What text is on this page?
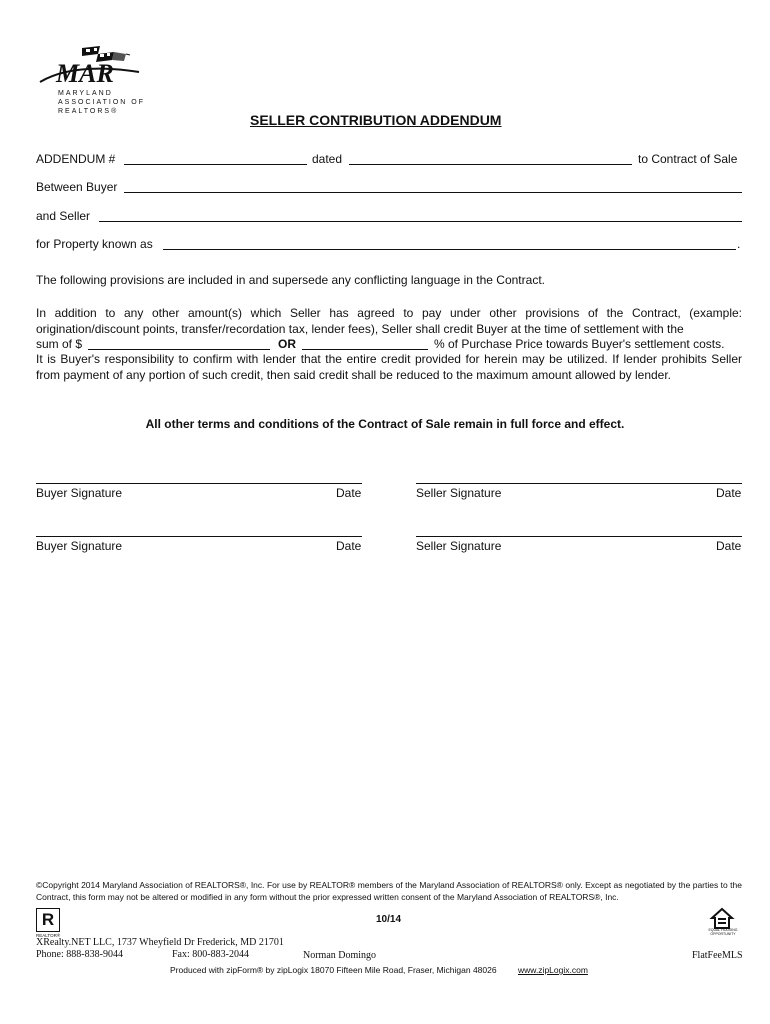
MAR
MARYLAND
ASSOCIATION OF
REALTORS®
SELLER CONTRIBUTION ADDENDUM
ADDENDUM #	dated	to Contract of Sale
Between Buyer
and Seller
for Property known as	.
The following provisions are included in and supersede any conflicting language in the Contract.
In addition to any other amount(s) which Seller has agreed to pay under other provisions of the Contract, (example: origination/discount points, transfer/recordation tax, lender fees), Seller shall credit Buyer at the time of settlement with the
sum of $	OR	% of Purchase Price towards Buyer's settlement costs.
It is Buyer's responsibility to confirm with lender that the entire credit provided for herein may be utilized. If lender prohibits Seller from payment of any portion of such credit, then said credit shall be reduced to the maximum amount allowed by lender.
All other terms and conditions of the Contract of Sale remain in full force and effect.
Buyer Signature	Date	Seller Signature	Date
Buyer Signature	Date	Seller Signature	Date
©Copyright 2014 Maryland Association of REALTORS®, Inc. For use by REALTOR® members of the Maryland Association of REALTORS® only. Except as negotiated by the parties to the Contract, this form may not be altered or modified in any form without the prior expressed written consent of the Maryland Association of REALTORS®, Inc.
R
REALTOR®
10/14
EQUAL HOUSING OPPORTUNITY
XRealty.NET LLC, 1737 Wheyfield Dr Frederick, MD 21701
Phone: 888-838-9044	Fax: 800-883-2044	Norman Domingo	FlatFeeMLS
Produced with zipForm® by zipLogix 18070 Fifteen Mile Road, Fraser, Michigan 48026	www.zipLogix.com
